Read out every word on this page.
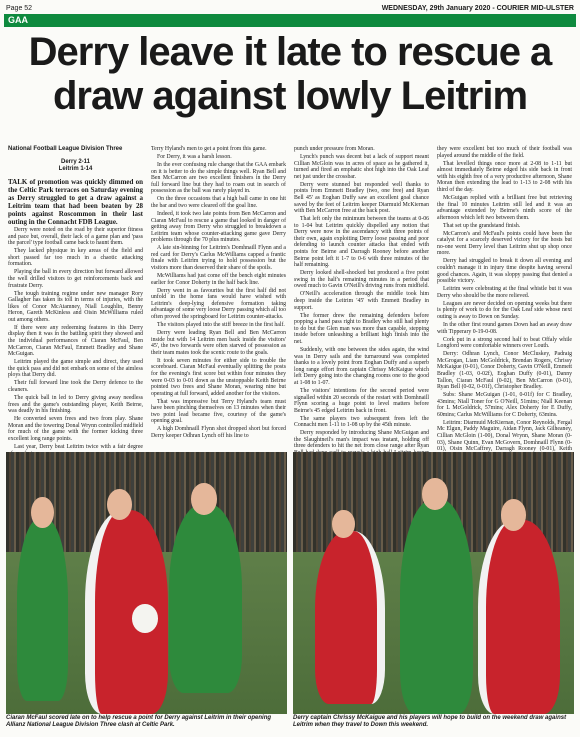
Page 52	WEDNESDAY, 29th January 2020 - COURIER MID-ULSTER
GAA
Derry leave it late to rescue a draw against lowly Leitrim

National Football League Division Three

Derry 2-11
Leitrim 1-14

TALK of promotion was quickly dimmed on the Celtic Park terraces on Saturday evening as Derry struggled to get a draw against a Leitrim team that had been beaten by 28 points against Roscommon in their last outing in the Connacht FDB League.

Derry were noted on the road by their superior fitness and pace but, overall, their lack of a game plan and 'pass the parcel' type football came back to haunt them.

They lacked physique in key areas of the field and short passed far too much in a chaotic attacking formation.

Playing the ball in every direction but forward allowed the well drilled visitors to get reinforcements back and frustrate Derry.

The tough training regime under new manager Rory Gallagher has taken its toll in terms of injuries, with the likes of Conor McAtamney, Niall Loughlin, Benny Heron, Gareth McKinless and Oisin McWilliams ruled out among others.

If there were any redeeming features in this Derry display then it was in the battling spirit they showed and the individual performances of Ciaran McFaul, Ben McCarron, Ciaran McFaul, Emmett Bradley and Shane McGuigan.

Leitrim played the game simple and direct, they used the quick pass and did not embark on some of the aimless ploys that Derry did.

Their full forward line took the Derry defence to the cleaners.

The quick ball in led to Derry giving away needless frees and the game's outstanding player, Keith Beirne, was deadly in his finishing.

He converted seven frees and two from play. Shane Moran and the towering Donal Wrynn controlled midfield for much of the game with the former kicking three excellent long range points.

Last year, Derry beat Leitrim twice with a fair degree

Terry Hyland's men to get a point from this game.

For Derry, it was a harsh lesson.

In the ever confusing rule change that the GAA embark on it is better to do the simple things well. Ryan Bell and Ben McCarron are two excellent finishers in the Derry full forward line but they had to roam out in search of possession as the ball was rarely played in.

On the three occasions that a high ball came in one hit the bar and two were cleared off the goal line.

Indeed, it took two late points from Ben McCarron and Ciaran McFaul to rescue a game that looked in danger of getting away from Derry who struggled to breakdown a Leitrim team whose counter-attacking game gave Derry problems through the 70 plus minutes.

A late sin-binning for Leitrim's Domhnaill Flynn and a red card for Derry's Carlus McWilliams capped a frantic finale with Leitrim trying to hold possession but the visitors more than deserved their share of the spoils.

McWilliams had just come off the bench eight minutes earlier for Conor Doherty in the half back line.

Derry went in as favourites but the first half did not unfold in the home fans would have wished with Leitrim's deep-lying defensive formation taking advantage of some very loose Derry passing which all too often proved the springboard for Leitrim counter-attacks.

The visitors played into the stiff breeze in the first half.

Derry were leading Ryan Bell and Ben McCarron inside but with 14 Leitrim men back inside the visitors' 45', the two forwards were often starved of possession as their team mates took the scenic route to the goals.

It took seven minutes for either side to trouble the scoreboard. Ciaran McFaul eventually splitting the posts for the evening's first score but within four minutes they were 0-03 to 0-01 down as the unstoppable Keith Beirne pointed two frees and Shane Moran, wearing nine but operating at full forward, added another for the visitors.

That was impressive but Terry Hyland's team must have been pinching themselves on 13 minutes when their two point lead became five, courtesy of the game's opening goal.

A high Domhnaill Flynn shot dropped short but forced Derry keeper Odhran Lynch off his line to

punch under pressure from Moran.

Lynch's punch was decent but a lack of support meant Cillian McGloin was in acres of space as he gathered it, turned and fired an emphatic shot high into the Oak Leaf net just under the crossbar.

Derry were stunned but responded well thanks to points from Emmett Bradley (two, one free) and Ryan Bell 45' as Eoghan Duffy saw an excellent goal chance saved by the feet of Leitrim keeper Diarmuid McKiernan with Ben McCarron free at the back post.

That left only the minimum between the teams at 0-06 to 1-04 but Leitrim quickly dispelled any notion that Derry were now in the ascendancy with three points of their own, again exploiting Derry loose passing and poor defending to launch counter attacks that ended with points for Beirne and Darragh Rooney before another Beirne point left it 1-7 to 0-6 with three minutes of the half remaining.

Derry looked shell-shocked but produced a five point swing in the half's remaining minutes in a period that owed much to Gavin O'Neill's driving runs from midfield.

O'Neill's acceleration through the middle took him deep inside the Leitrim '45' with Emmett Bradley in support.

The former drew the remaining defenders before popping a hand pass right to Bradley who still had plenty to do but the Glen man was more than capable, stepping inside before unleashing a brilliant high finish into the net.

Suddenly, with one between the sides again, the wind was in Derry sails and the turnaround was completed thanks to a lovely point from Eoghan Duffy and a superb long range effort from captain Chrissy McKaigue which left Derry going into the changing rooms one to the good at 1-08 to 1-07.

The visitors' intentions for the second period were signalled within 20 seconds of the restart with Domhnaill Flynn scoring a huge point to level matters before Beirne's 45 edged Leitrim back in front.

The same players two subsequent frees left the Connacht men 1-11 to 1-08 up by the 45th minute.

Derry responded by introducing Shane McGuigan and the Slaughtneil's man's impact was instant, holding off three defenders to hit the net from close range after Ryan

they were excellent but too much of their football was played around the middle of the field.

That levelled things once more at 2-08 to 1-11 but almost immediately Beirne edged his side back in front with his eighth free of a very productive afternoon, Shane Moran then extending the lead to 1-13 to 2-08 with his third of the day.

McGuigan replied with a brilliant free but retrieving the final 10 minutes Leitrim still led and it was an advantage extended by Beirne's ninth score of the afternoon which left two between them.

That set up the grandstand finish.

McCarron's and McFaul's points could have been the catalyst for a scarcely deserved victory for the hosts but no-one went Derry level than Leitrim shut up shop once more.

Derry had struggled to break it down all evening and couldn't manage it in injury time despite having several good chances. Again, it was sloppy passing that denied a possible victory.

Leitrim were celebrating at the final whistle but it was Derry who should be the more relieved.

Leagues are never decided on opening weeks but there is plenty of work to do for the Oak Leaf side whose next outing is away to Down on Sunday.

In the other first round games Down had an away draw with Tipperary 0-19-0-08.

Cork put in a strong second half to beat Offaly while Longford were comfortable winners over Louth.

Derry: Odhran Lynch, Conor McCluskey, Padraig McGrogan, Liam McGoldrick, Brendan Rogers, Chrissy McKaigue (0-01), Conor Doherty, Gavin O'Neill, Emmett Bradley (1-03, 0-02f), Eoghan Duffy (0-01), Danny Tallon, Ciaran McFaul (0-02), Ben McCarron (0-01), Ryan Bell (0-02, 0-01f), Christopher Bradley.

Subs: Shane McGuigan (1-01, 0-01f) for C Bradley, 43mins; Niall Toner for G O'Neill, 51mins; Niall Keenan for L McGoldrick, 57mins; Alex Doherty for E Duffy, 60mins; Carlus McWilliams for C Doherty, 63mins.

Leitrim: Diarmuid McKiernan, Conor Reynolds, Fergal Mc Elgun, Paddy Maguire, Aidan Flynn, Jack Gilheaney, Cillian McGloin (1-00), Donal Wrynn, Shane Moran (0-03), Shane Quinn, Evan McGovern, Domhnaill Flynn (0-01), Oisin McCaffrey, Darragh Rooney (0-01), Keith

Ciaran McFaul scored late on to help rescue a point for Derry against Leitrim in their opening Allianz National League Division Three clash at Celtic Park.
Derry captain Chrissy McKaigue and his players will hope to build on the weekend draw against Leitrim when they travel to Down this weekend.
